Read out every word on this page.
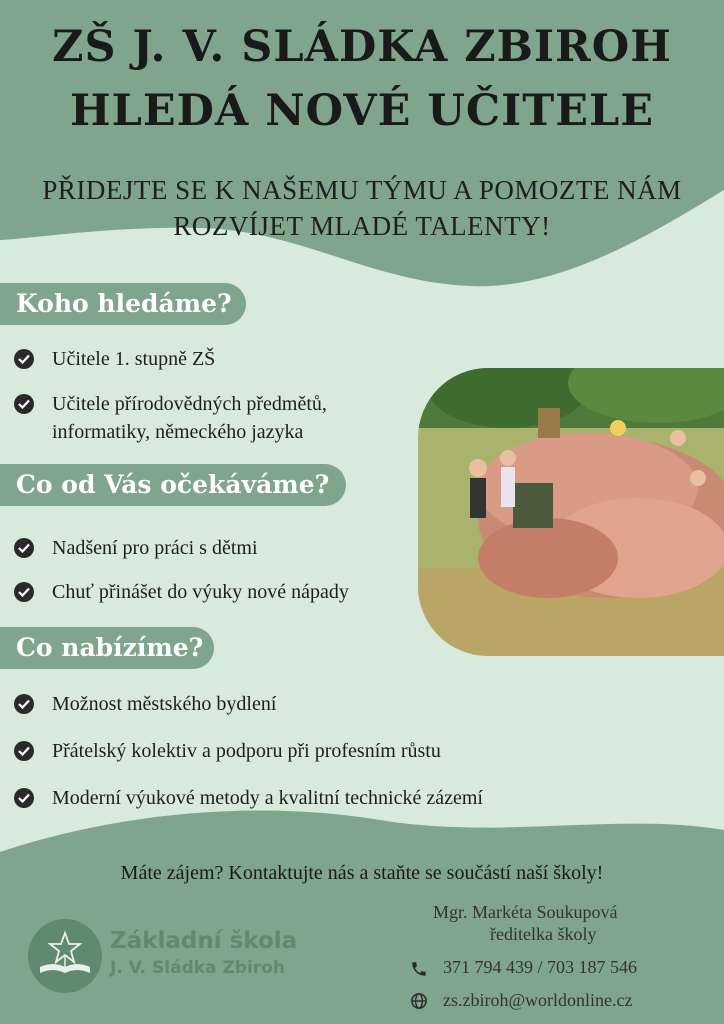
ZŠ J. V. SLÁDKA ZBIROH
HLEDÁ NOVÉ UČITELE
PŘIDEJTE SE K NAŠEMU TÝMU A POMOZTE NÁM
ROZVÍJET MLADÉ TALENTY!
Koho hledáme?
Učitele 1. stupně ZŠ
Učitele přírodovědných předmětů,
informatiky, německého jazyka
Co od Vás očekáváme?
Nadšení pro práci s dětmi
Chuť přinášet do výuky nové nápady
Co nabízíme?
Možnost městského bydlení
Přátelský kolektiv a podporu při profesním růstu
Moderní výukové metody a kvalitní technické zázemí
Máte zájem? Kontaktujte nás a staňte se součástí naší školy!
Základní škola
J. V. Sládka Zbiroh
Mgr. Markéta Soukupová
ředitelka školy
371 794 439 / 703 187 546
zs.zbiroh@worldonline.cz
